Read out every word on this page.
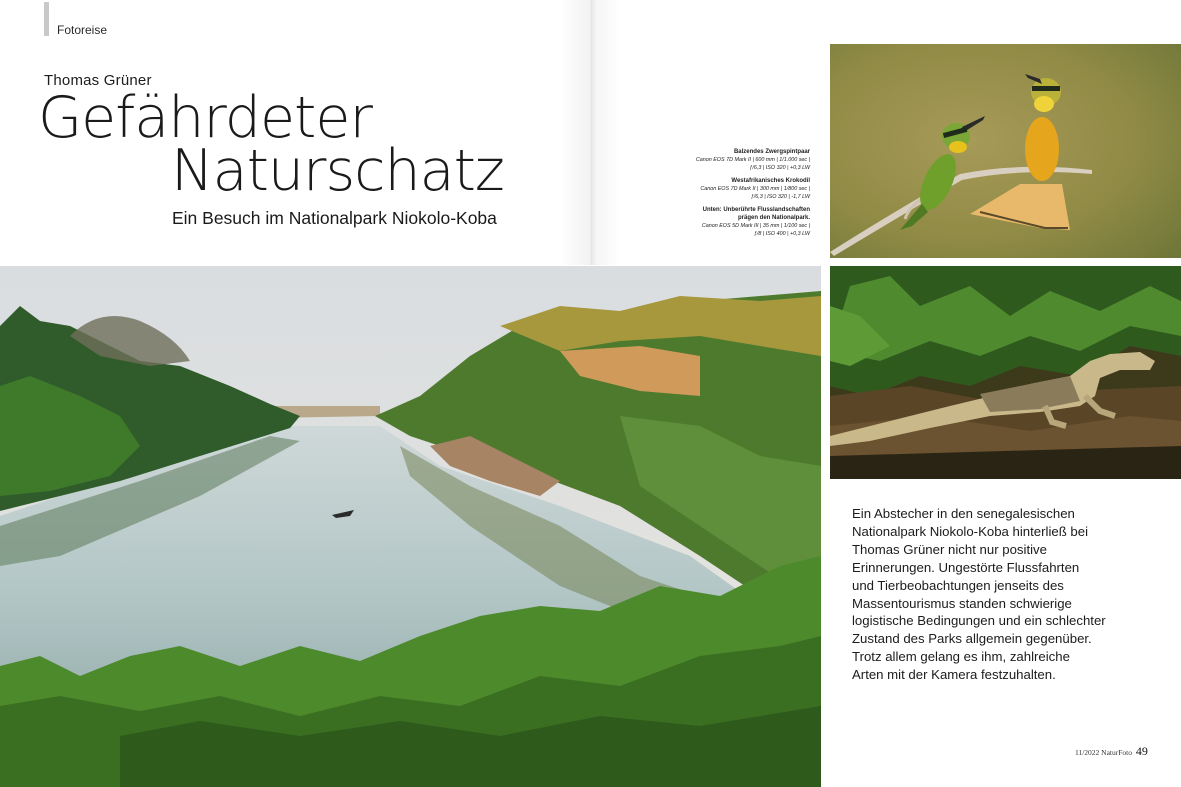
Fotoreise
Thomas Grüner
Gefährdeter
Naturschatz
Ein Besuch im Nationalpark Niokolo-Koba
Balzendes Zwergspintpaar
Canon EOS 7D Mark II | 600 mm | 1/1.000 sec |
ƒ/6,3 | ISO 320 | +0,3 LW
Westafrikanisches Krokodil
Canon EOS 7D Mark II | 300 mm | 1/800 sec |
ƒ/6,3 | ISO 320 | -1,7 LW
Unten: Unberührte Flusslandschaften
prägen den Nationalpark.
Canon EOS 5D Mark III | 35 mm | 1/100 sec |
ƒ/8 | ISO 400 | +0,3 LW

Ein Abstecher in den senegalesischen
Nationalpark Niokolo-Koba hinterließ bei
Thomas Grüner nicht nur positive
Erinnerungen. Ungestörte Flussfahrten
und Tierbeobachtungen jenseits des
Massentourismus standen schwierige
logistische Bedingungen und ein schlechter
Zustand des Parks allgemein gegenüber.
Trotz allem gelang es ihm, zahlreiche
Arten mit der Kamera festzuhalten.

11/2022 NaturFoto 49
